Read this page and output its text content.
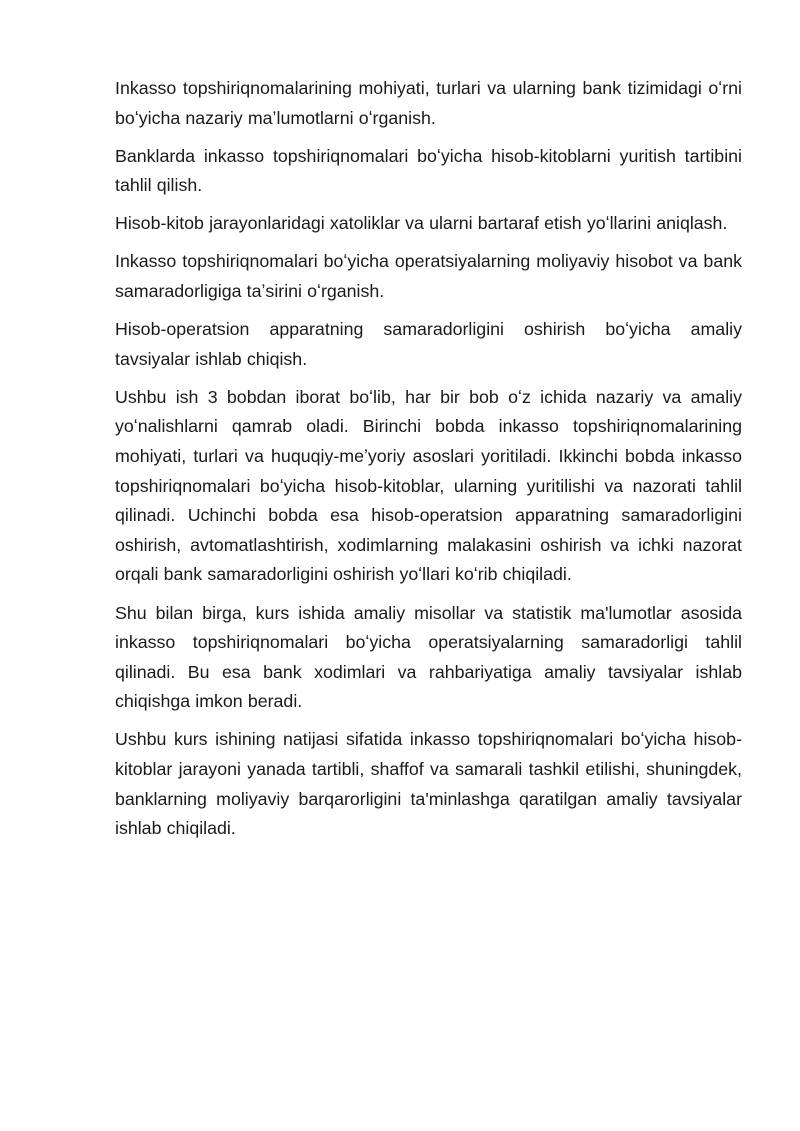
Inkasso topshiriqnomalarining mohiyati, turlari va ularning bank tizimidagi oʻrni boʻyicha nazariy maʼlumotlarni oʻrganish.

Banklarda inkasso topshiriqnomalari boʻyicha hisob-kitoblarni yuritish tartibini tahlil qilish.

Hisob-kitob jarayonlaridagi xatoliklar va ularni bartaraf etish yoʻllarini aniqlash.

Inkasso topshiriqnomalari boʻyicha operatsiyalarning moliyaviy hisobot va bank samaradorligiga taʼsirini oʻrganish.

Hisob-operatsion apparatning samaradorligini oshirish boʻyicha amaliy tavsiyalar ishlab chiqish.

Ushbu ish 3 bobdan iborat boʻlib, har bir bob oʻz ichida nazariy va amaliy yoʻnalishlarni qamrab oladi. Birinchi bobda inkasso topshiriqnomalarining mohiyati, turlari va huquqiy-meʼyoriy asoslari yoritiladi. Ikkinchi bobda inkasso topshiriqnomalari boʻyicha hisob-kitoblar, ularning yuritilishi va nazorati tahlil qilinadi. Uchinchi bobda esa hisob-operatsion apparatning samaradorligini oshirish, avtomatlashtirish, xodimlarning malakasini oshirish va ichki nazorat orqali bank samaradorligini oshirish yoʻllari koʻrib chiqiladi.

Shu bilan birga, kurs ishida amaliy misollar va statistik ma'lumotlar asosida inkasso topshiriqnomalari boʻyicha operatsiyalarning samaradorligi tahlil qilinadi. Bu esa bank xodimlari va rahbariyatiga amaliy tavsiyalar ishlab chiqishga imkon beradi.

Ushbu kurs ishining natijasi sifatida inkasso topshiriqnomalari boʻyicha hisob-kitoblar jarayoni yanada tartibli, shaffof va samarali tashkil etilishi, shuningdek, banklarning moliyaviy barqarorligini ta'minlashga qaratilgan amaliy tavsiyalar ishlab chiqiladi.
